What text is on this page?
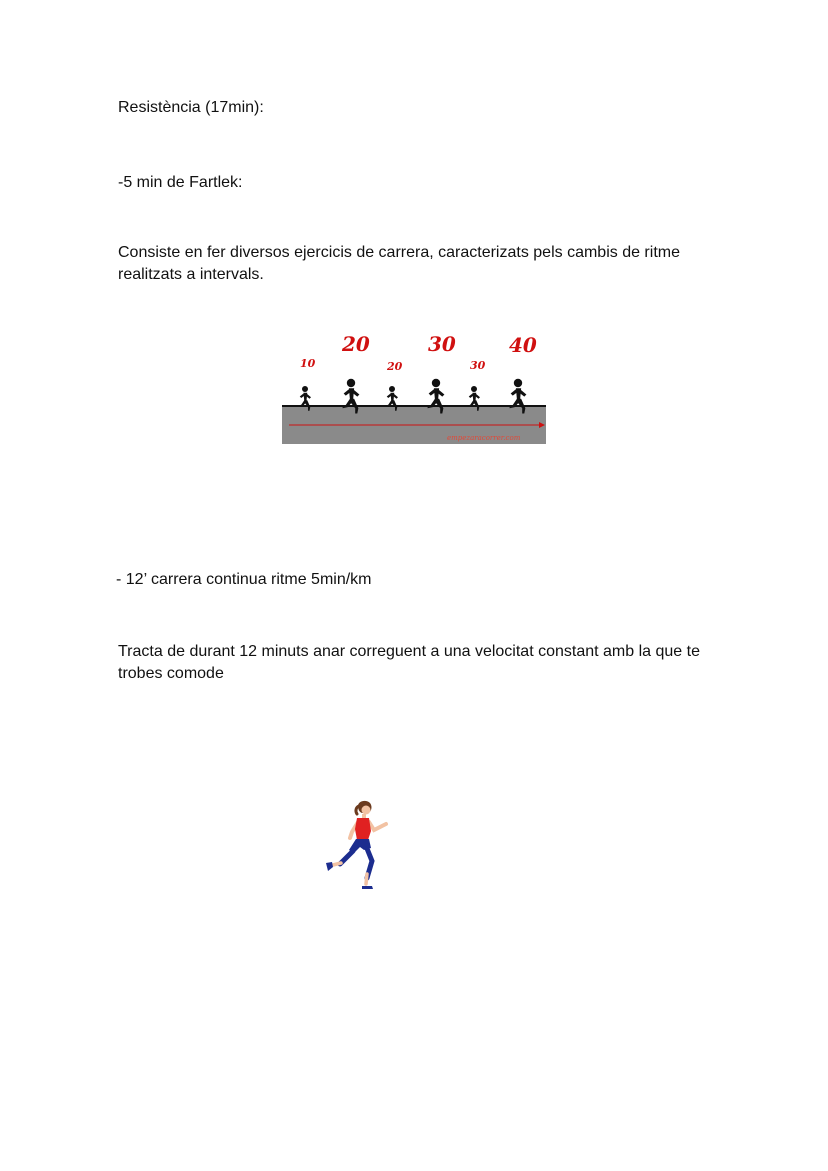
Resistència (17min):

-5 min de Fartlek:

Consiste en fer diversos ejercicis de carrera, caracterizats pels cambis de ritme realitzats a intervals.

empezaracorrer.com
10
20
20
30
30
40

- 12’ carrera continua ritme 5min/km

Tracta de durant 12 minuts anar correguent a una velocitat constant amb la que te trobes comode
